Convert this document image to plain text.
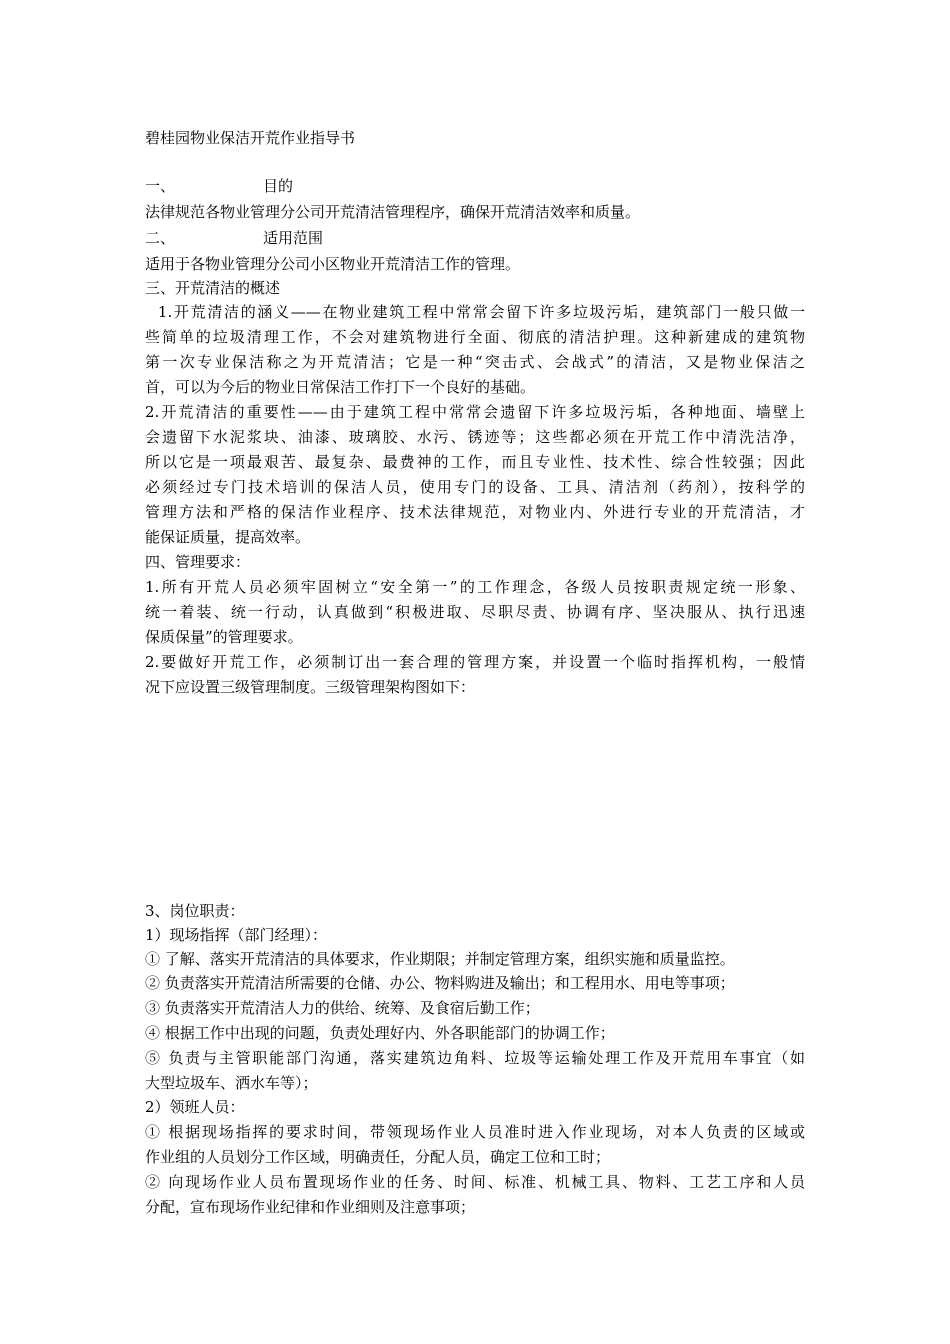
碧桂园物业保洁开荒作业指导书
一、	目的
法律规范各物业管理分公司开荒清洁管理程序，确保开荒清洁效率和质量。
二、	适用范围
适用于各物业管理分公司小区物业开荒清洁工作的管理。
三、开荒清洁的概述
1.开荒清洁的涵义——在物业建筑工程中常常会留下许多垃圾污垢，建筑部门一般只做一
些简单的垃圾清理工作，不会对建筑物进行全面、彻底的清洁护理。这种新建成的建筑物
第一次专业保洁称之为开荒清洁；它是一种“突击式、会战式”的清洁，又是物业保洁之
首，可以为今后的物业日常保洁工作打下一个良好的基础。
2.开荒清洁的重要性——由于建筑工程中常常会遗留下许多垃圾污垢，各种地面、墙壁上
会遗留下水泥浆块、油漆、玻璃胶、水污、锈迹等；这些都必须在开荒工作中清洗洁净，
所以它是一项最艰苦、最复杂、最费神的工作，而且专业性、技术性、综合性较强；因此
必须经过专门技术培训的保洁人员，使用专门的设备、工具、清洁剂（药剂），按科学的
管理方法和严格的保洁作业程序、技术法律规范，对物业内、外进行专业的开荒清洁，才
能保证质量，提高效率。
四、管理要求：
1.所有开荒人员必须牢固树立“安全第一”的工作理念，各级人员按职责规定统一形象、
统一着装、统一行动，认真做到“积极进取、尽职尽责、协调有序、坚决服从、执行迅速
保质保量”的管理要求。
2.要做好开荒工作，必须制订出一套合理的管理方案，并设置一个临时指挥机构，一般情
况下应设置三级管理制度。三级管理架构图如下：
3、岗位职责：
1）现场指挥（部门经理）：
① 了解、落实开荒清洁的具体要求，作业期限；并制定管理方案，组织实施和质量监控。
② 负责落实开荒清洁所需要的仓储、办公、物料购进及输出；和工程用水、用电等事项；
③ 负责落实开荒清洁人力的供给、统筹、及食宿后勤工作；
④ 根据工作中出现的问题，负责处理好内、外各职能部门的协调工作；
⑤ 负责与主管职能部门沟通，落实建筑边角料、垃圾等运输处理工作及开荒用车事宜（如
大型垃圾车、洒水车等）；
2）领班人员：
① 根据现场指挥的要求时间，带领现场作业人员准时进入作业现场，对本人负责的区域或
作业组的人员划分工作区域，明确责任，分配人员，确定工位和工时；
② 向现场作业人员布置现场作业的任务、时间、标准、机械工具、物料、工艺工序和人员
分配，宣布现场作业纪律和作业细则及注意事项；
